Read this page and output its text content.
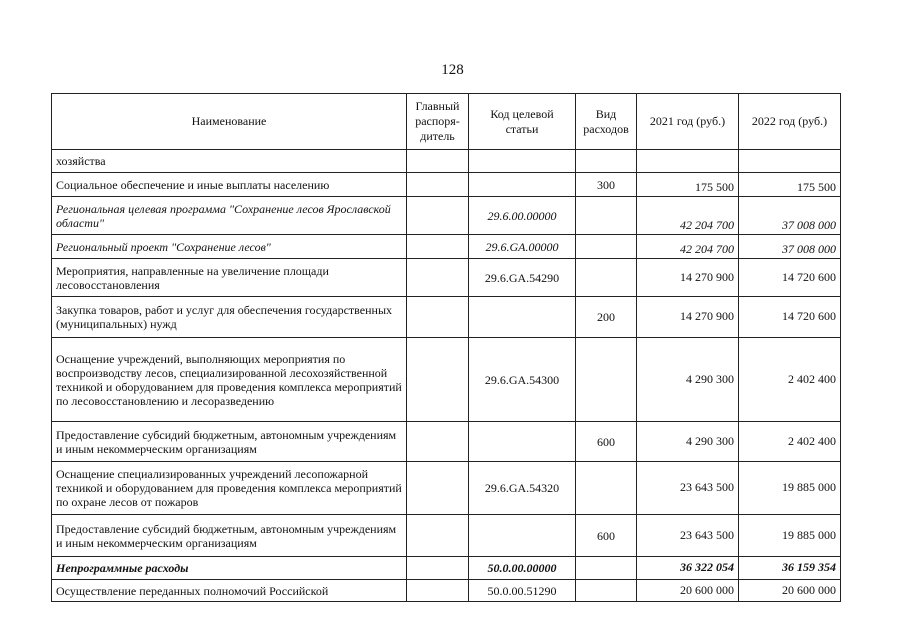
128
Наименование	Главный распоря-дитель	Код целевой статьи	Вид расходов	2021 год (руб.)	2022 год (руб.)
хозяйства					
Социальное обеспечение и иные выплаты населению			300	175 500	175 500
Региональная целевая программа "Сохранение лесов Ярославской области"		29.6.00.00000		42 204 700	37 008 000
Региональный проект "Сохранение лесов"		29.6.GA.00000		42 204 700	37 008 000
Мероприятия, направленные на увеличение площади лесовосстановления		29.6.GA.54290		14 270 900	14 720 600
Закупка товаров, работ и услуг для обеспечения государственных (муниципальных) нужд			200	14 270 900	14 720 600
Оснащение учреждений, выполняющих мероприятия по воспроизводству лесов, специализированной лесохозяйственной техникой и оборудованием для проведения комплекса мероприятий по лесовосстановлению и лесоразведению		29.6.GA.54300		4 290 300	2 402 400
Предоставление субсидий бюджетным, автономным учреждениям и иным некоммерческим организациям			600	4 290 300	2 402 400
Оснащение специализированных учреждений лесопожарной техникой и оборудованием для проведения комплекса мероприятий по охране лесов от пожаров		29.6.GA.54320		23 643 500	19 885 000
Предоставление субсидий бюджетным, автономным учреждениям и иным некоммерческим организациям			600	23 643 500	19 885 000
Непрограммные расходы		50.0.00.00000		36 322 054	36 159 354
Осуществление переданных полномочий Российской		50.0.00.51290		20 600 000	20 600 000
